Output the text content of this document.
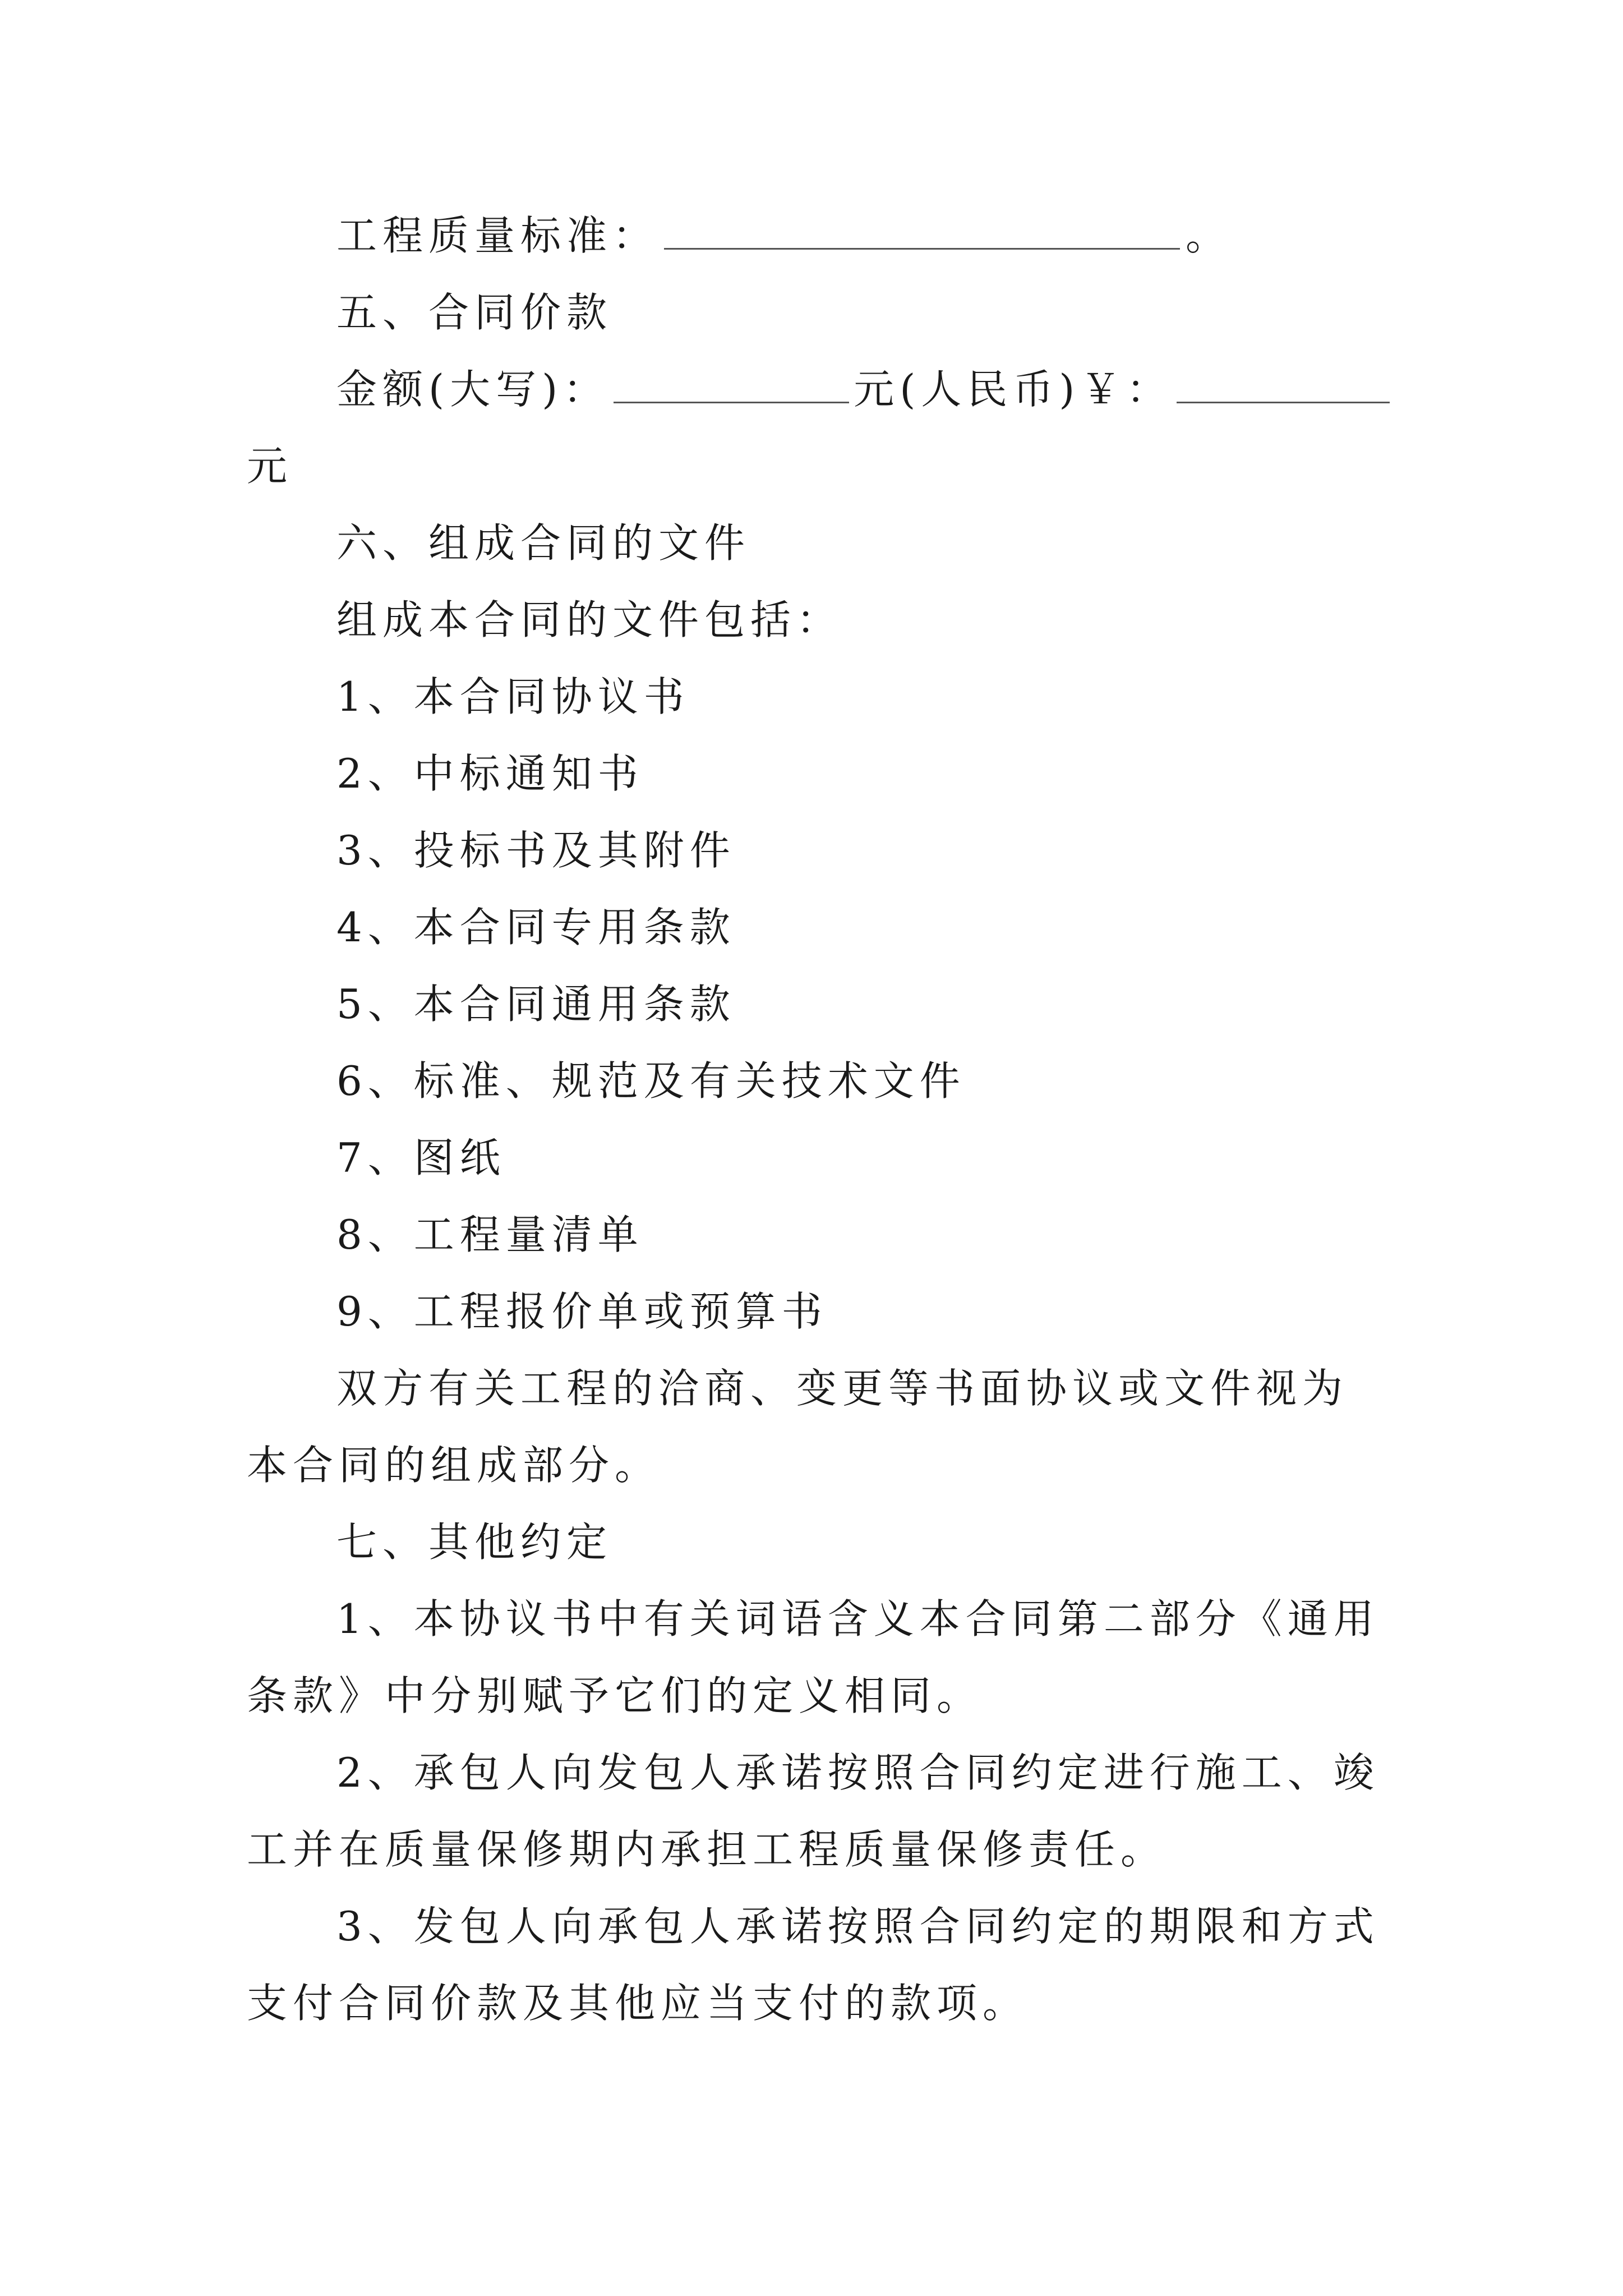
工程质量标准：	。

五、合同价款

金额(大写)：	元(人民币)￥：

元

六、组成合同的文件

组成本合同的文件包括：

1、本合同协议书

2、中标通知书

3、投标书及其附件

4、本合同专用条款

5、本合同通用条款

6、标准、规范及有关技术文件

7、图纸

8、工程量清单

9、工程报价单或预算书

双方有关工程的洽商、变更等书面协议或文件视为本合同的组成部分。

七、其他约定

1、本协议书中有关词语含义本合同第二部分《通用条款》中分别赋予它们的定义相同。

2、承包人向发包人承诺按照合同约定进行施工、竣工并在质量保修期内承担工程质量保修责任。

3、发包人向承包人承诺按照合同约定的期限和方式支付合同价款及其他应当支付的款项。
